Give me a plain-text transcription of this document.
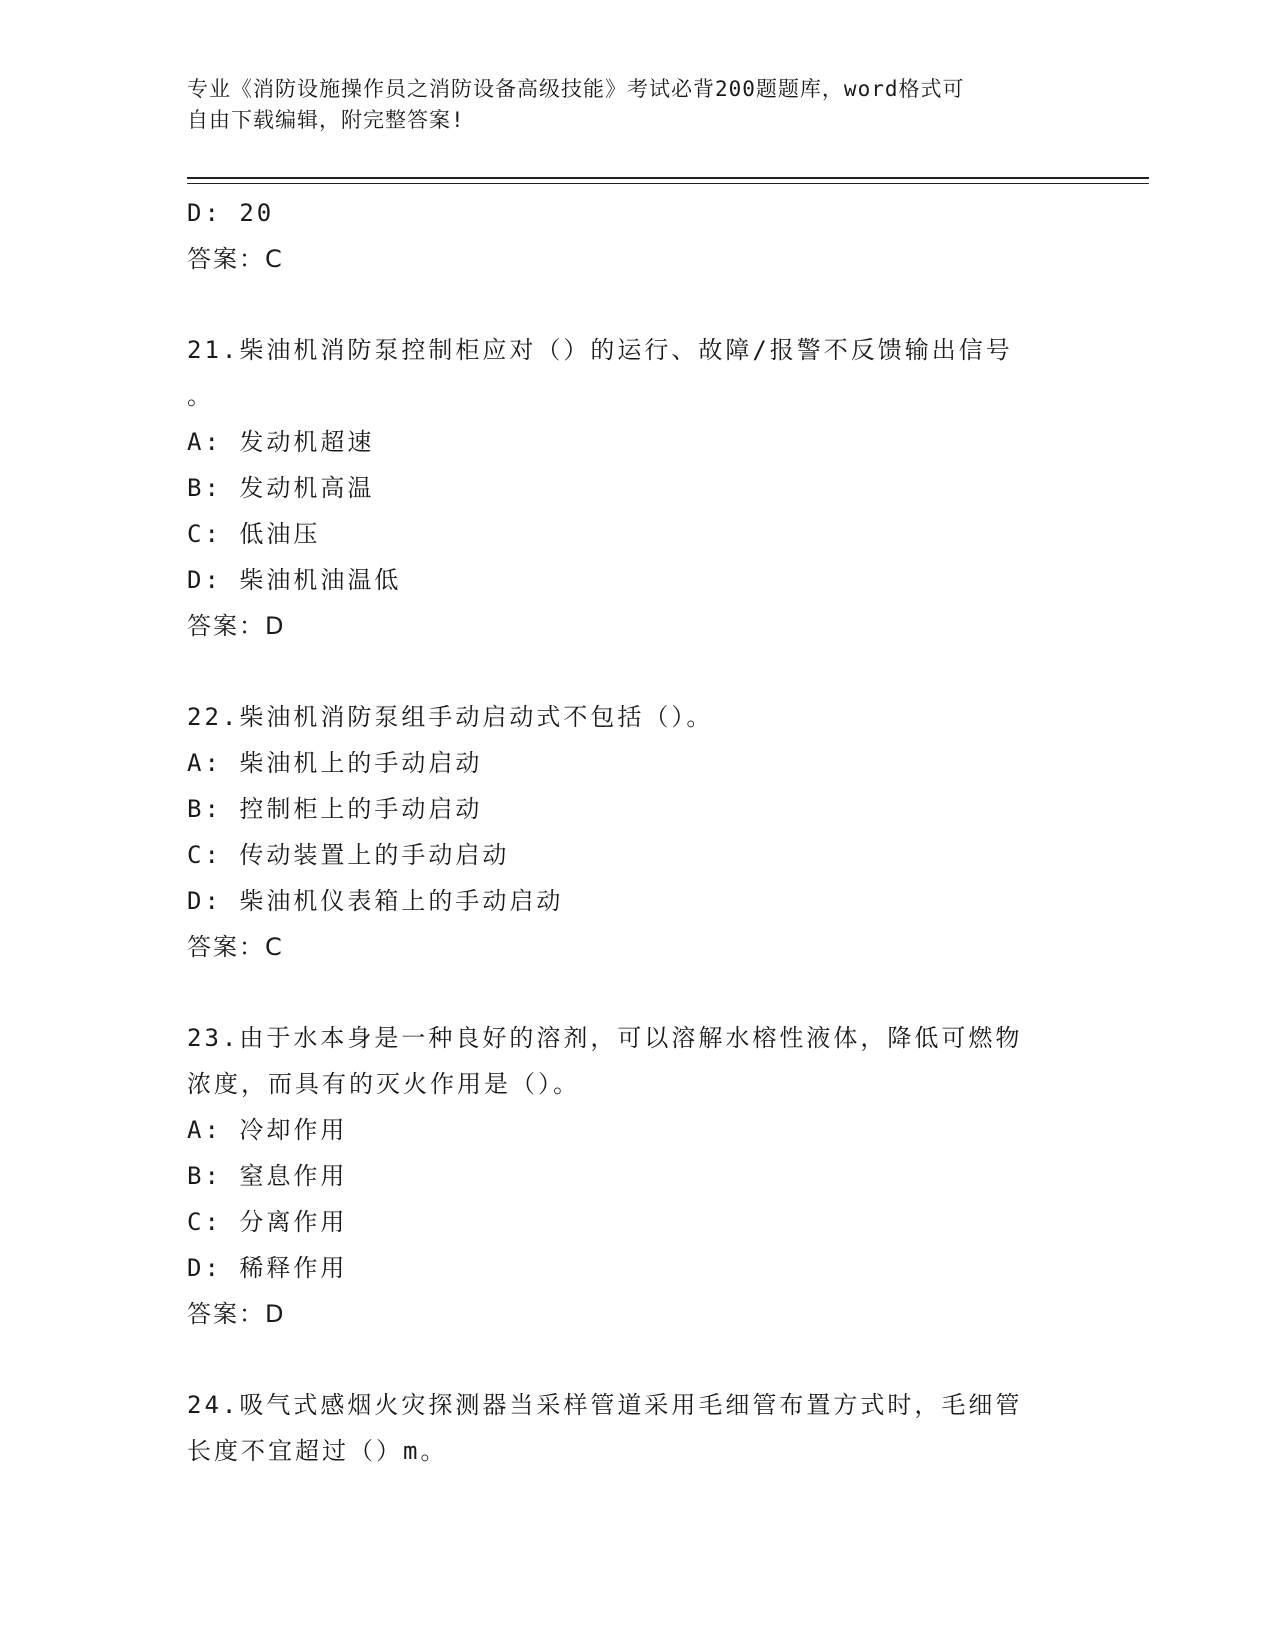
专业《消防设施操作员之消防设备高级技能》考试必背200题题库，word格式可
自由下载编辑，附完整答案!
D: 20
答案：C
21.柴油机消防泵控制柜应对（）的运行、故障/报警不反馈输出信号
。
A: 发动机超速
B: 发动机高温
C: 低油压
D: 柴油机油温低
答案：D
22.柴油机消防泵组手动启动式不包括（）。
A: 柴油机上的手动启动
B: 控制柜上的手动启动
C: 传动装置上的手动启动
D: 柴油机仪表箱上的手动启动
答案：C
23.由于水本身是一种良好的溶剂，可以溶解水榕性液体，降低可燃物
浓度，而具有的灭火作用是（）。
A: 冷却作用
B: 窒息作用
C: 分离作用
D: 稀释作用
答案：D
24.吸气式感烟火灾探测器当采样管道采用毛细管布置方式时，毛细管
长度不宜超过（）m。
